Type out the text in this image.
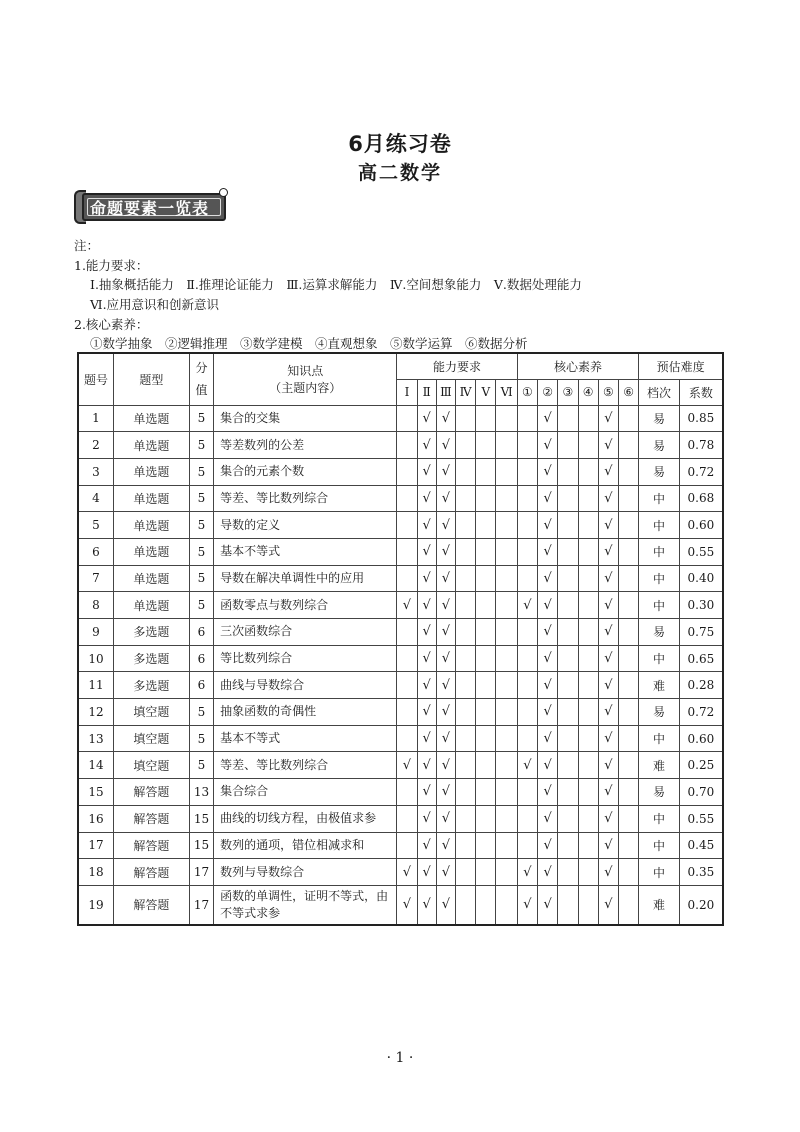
6月练习卷
高二数学
命题要素一览表
注：
1.能力要求：
Ⅰ.抽象概括能力　Ⅱ.推理论证能力　Ⅲ.运算求解能力　Ⅳ.空间想象能力　Ⅴ.数据处理能力
Ⅵ.应用意识和创新意识
2.核心素养：
①数学抽象　②逻辑推理　③数学建模　④直观想象　⑤数学运算　⑥数据分析
题号	题型	分值	知识点
（主题内容）	能力要求						核心素养						预估难度	
				Ⅰ	Ⅱ	Ⅲ	Ⅳ	Ⅴ	Ⅵ	①	②	③	④	⑤	⑥	档次	系数
1	单选题	5	集合的交集		√	√					√			√		易	0.85
2	单选题	5	等差数列的公差		√	√					√			√		易	0.78
3	单选题	5	集合的元素个数		√	√					√			√		易	0.72
4	单选题	5	等差、等比数列综合		√	√					√			√		中	0.68
5	单选题	5	导数的定义		√	√					√			√		中	0.60
6	单选题	5	基本不等式		√	√					√			√		中	0.55
7	单选题	5	导数在解决单调性中的应用		√	√					√			√		中	0.40
8	单选题	5	函数零点与数列综合	√	√	√				√	√			√		中	0.30
9	多选题	6	三次函数综合		√	√					√			√		易	0.75
10	多选题	6	等比数列综合		√	√					√			√		中	0.65
11	多选题	6	曲线与导数综合		√	√					√			√		难	0.28
12	填空题	5	抽象函数的奇偶性		√	√					√			√		易	0.72
13	填空题	5	基本不等式		√	√					√			√		中	0.60
14	填空题	5	等差、等比数列综合	√	√	√				√	√			√		难	0.25
15	解答题	13	集合综合		√	√					√			√		易	0.70
16	解答题	15	曲线的切线方程，由极值求参		√	√					√			√		中	0.55
17	解答题	15	数列的通项，错位相减求和		√	√					√			√		中	0.45
18	解答题	17	数列与导数综合	√	√	√				√	√			√		中	0.35
19	解答题	17	函数的单调性，证明不等式，由不等式求参	√	√	√				√	√			√		难	0.20
· 1 ·
